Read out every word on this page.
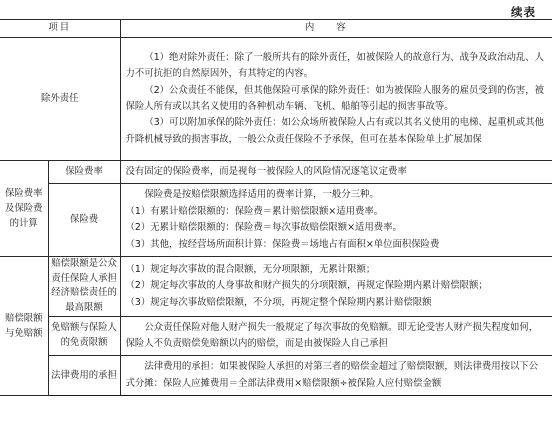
续表
项目		内容
除外责任		（1）绝对除外责任：除了一般所共有的除外责任，如被保险人的故意行为、战争及政治动乱、人力不可抗拒的自然原因外，有其特定的内容。

（2）公众责任不能保，但其他保险可承保的除外责任：如为被保险人服务的雇员受到的伤害，被保险人所有或以其名义使用的各种机动车辆、飞机、船舶等引起的损害事故等。

（3）可以附加承保的除外责任：如公众场所被保险人占有或以其名义使用的电梯、起重机或其他升降机械导致的损害事故，一般公众责任保险不予承保，但可在基本保险单上扩展加保

保险费率及保险费的计算	保险费率	没有固定的保险费率，而是视每一被保险人的风险情况逐笔议定费率

	保险费	保险费是按赔偿限额选择适用的费率计算，一般分三种。

（1）有累计赔偿限额的：保险费＝累计赔偿限额×适用费率。

（2）无累计赔偿限额的：保险费＝每次事故赔偿限额×适用费率。

（3）其他，按经营场所面积计算：保险费＝场地占有面积×单位面积保险费

赔偿限额与免赔额	赔偿限额是公众责任保险人承担经济赔偿责任的最高限额	（1）规定每次事故的混合限额，无分项限额，无累计限额；

（2）规定每次事故的人身事故和财产损失的分项限额，再规定保险期内累计赔偿限额；

（3）规定每次事故赔偿限额，不分项，再规定整个保险期内累计赔偿限额

	免赔额与保险人的免责限额	公众责任保险对他人财产损失一般规定了每次事故的免赔额。即无论受害人财产损失程度如何，保险人不负责赔偿免赔额以内的赔偿，而是由被保险人自己承担

	法律费用的承担	法律费用的承担：如果被保险人承担的对第三者的赔偿金超过了赔偿限额，则法律费用按以下公式分摊：保险人应摊费用＝全部法律费用×赔偿限额÷被保险人应付赔偿金额
